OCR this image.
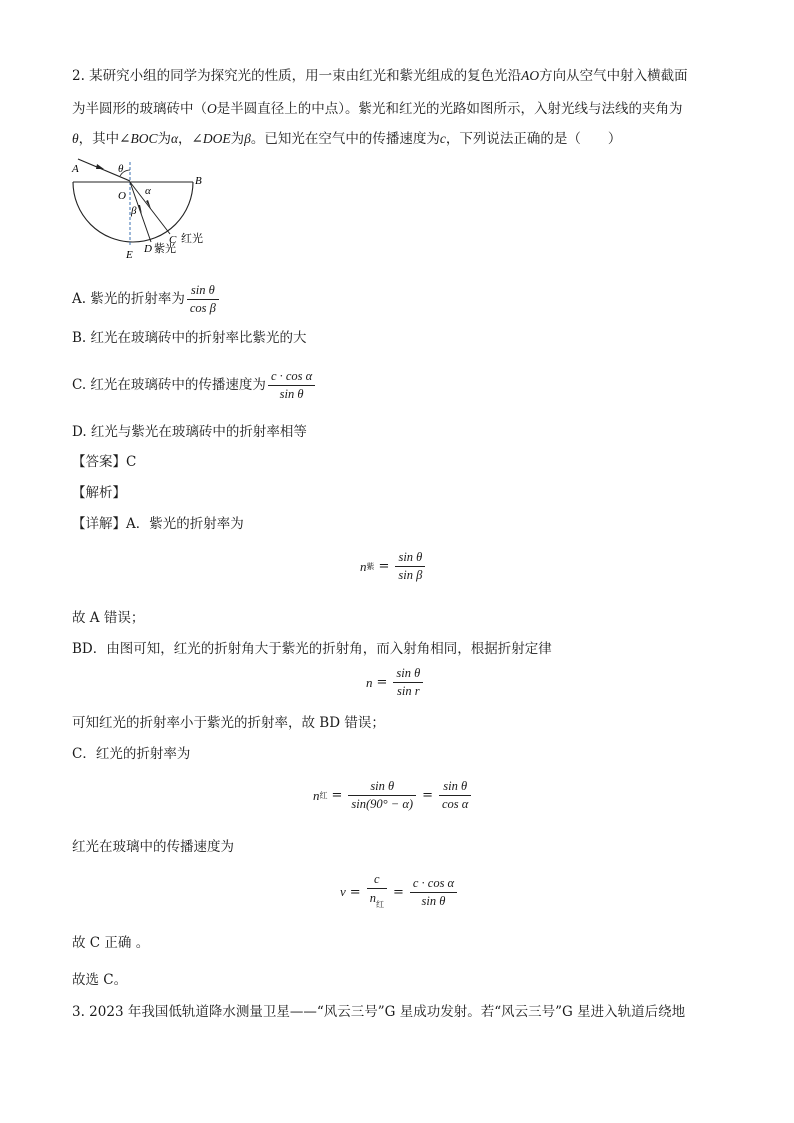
2. 某研究小组的同学为探究光的性质，用一束由红光和紫光组成的复色光沿AO方向从空气中射入横截面
为半圆形的玻璃砖中（O是半圆直径上的中点）。紫光和红光的光路如图所示，入射光线与法线的夹角为
θ，其中∠BOC为α，∠DOE为β。已知光在空气中的传播速度为c，下列说法正确的是（　　）
A	θ
B
O α
β
C 红光
D 紫光
E
A. 紫光的折射率为 $\frac{\text{sin θ}}{\text{cos β}}$
B. 红光在玻璃砖中的折射率比紫光的大
C. 红光在玻璃砖中的传播速度为 $\frac{\text{c · cos α}}{\text{sin θ}}$
D. 红光与紫光在玻璃砖中的折射率相等
【答案】C
【解析】
【详解】A．紫光的折射率为
n 紫 = $\frac{\text{sin θ}}{\text{sin β}}$
故 A 错误；
BD．由图可知，红光的折射角大于紫光的折射角，而入射角相同，根据折射定律
$n = \frac{\text{sin θ}}{\text{sin r}}$
可知红光的折射率小于紫光的折射率，故 BD 错误；
C．红光的折射率为
n 红 = $\frac{\text{sin θ}}{\sin(90^\circ - \alpha)} = \frac{\text{sin θ}}{\text{cos α}}$
红光在玻璃中的传播速度为
$v = \frac{c}{n_红} = \frac{\text{c · cos α}}{\text{sin θ}}$
故 C 正确 。
故选 C。
3. 2023 年我国低轨道降水测量卫星——“风云三号”G 星成功发射。若“风云三号”G 星进入轨道后绕地
